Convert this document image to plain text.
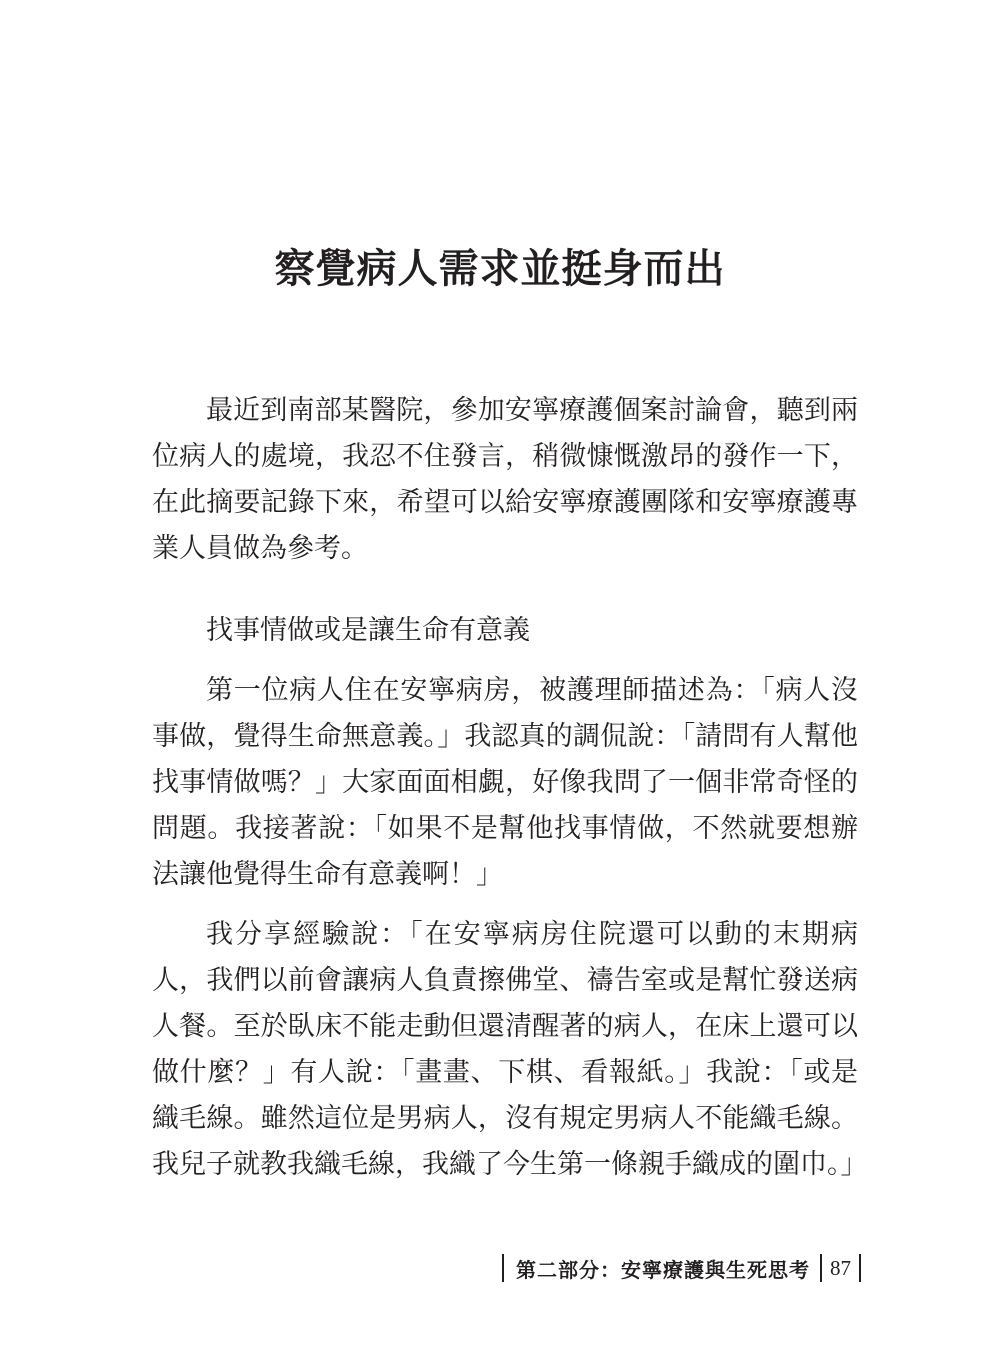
察覺病人需求並挺身而出

最近到南部某醫院，參加安寧療護個案討論會，聽到兩位病人的處境，我忍不住發言，稍微慷慨激昂的發作一下，在此摘要記錄下來，希望可以給安寧療護團隊和安寧療護專業人員做為參考。

找事情做或是讓生命有意義

第一位病人住在安寧病房，被護理師描述為：「病人沒事做，覺得生命無意義。」我認真的調侃說：「請問有人幫他找事情做嗎？」大家面面相覷，好像我問了一個非常奇怪的問題。我接著說：「如果不是幫他找事情做，不然就要想辦法讓他覺得生命有意義啊！」

我分享經驗說：「在安寧病房住院還可以動的末期病人，我們以前會讓病人負責擦佛堂、禱告室或是幫忙發送病人餐。至於臥床不能走動但還清醒著的病人，在床上還可以做什麼？」有人說：「畫畫、下棋、看報紙。」我說：「或是織毛線。雖然這位是男病人，沒有規定男病人不能織毛線。我兒子就教我織毛線，我織了今生第一條親手織成的圍巾。」

第二部分：安寧療護與生死思考 87
